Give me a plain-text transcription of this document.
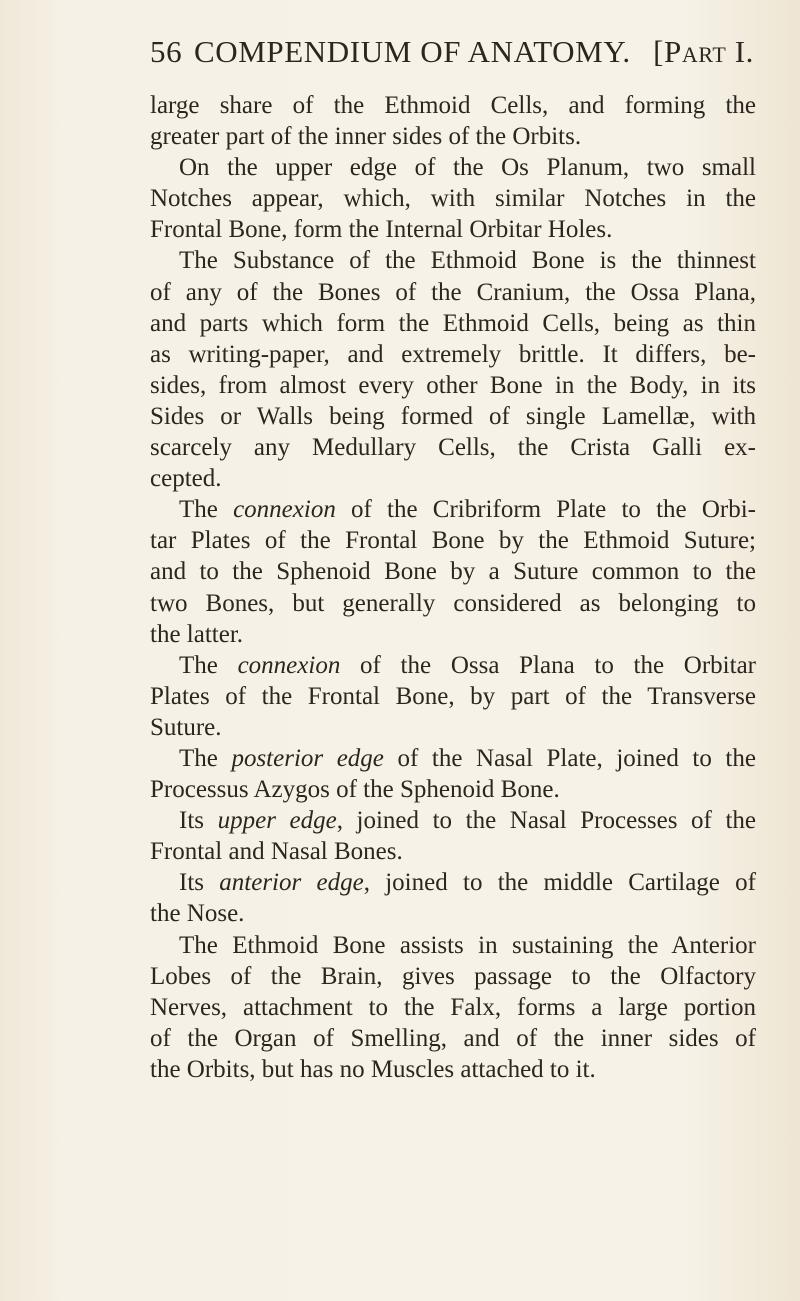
56 COMPENDIUM OF ANATOMY. [Part I.
large share of the Ethmoid Cells, and forming the
greater part of the inner sides of the Orbits.
On the upper edge of the Os Planum, two small
Notches appear, which, with similar Notches in the
Frontal Bone, form the Internal Orbitar Holes.
The Substance of the Ethmoid Bone is the thinnest
of any of the Bones of the Cranium, the Ossa Plana,
and parts which form the Ethmoid Cells, being as thin
as writing-paper, and extremely brittle. It differs, be-
sides, from almost every other Bone in the Body, in its
Sides or Walls being formed of single Lamellæ, with
scarcely any Medullary Cells, the Crista Galli ex-
cepted.
The connexion of the Cribriform Plate to the Orbi-
tar Plates of the Frontal Bone by the Ethmoid Suture;
and to the Sphenoid Bone by a Suture common to the
two Bones, but generally considered as belonging to
the latter.
The connexion of the Ossa Plana to the Orbitar
Plates of the Frontal Bone, by part of the Transverse
Suture.
The posterior edge of the Nasal Plate, joined to the
Processus Azygos of the Sphenoid Bone.
Its upper edge, joined to the Nasal Processes of the
Frontal and Nasal Bones.
Its anterior edge, joined to the middle Cartilage of
the Nose.
The Ethmoid Bone assists in sustaining the Anterior
Lobes of the Brain, gives passage to the Olfactory
Nerves, attachment to the Falx, forms a large portion
of the Organ of Smelling, and of the inner sides of
the Orbits, but has no Muscles attached to it.
